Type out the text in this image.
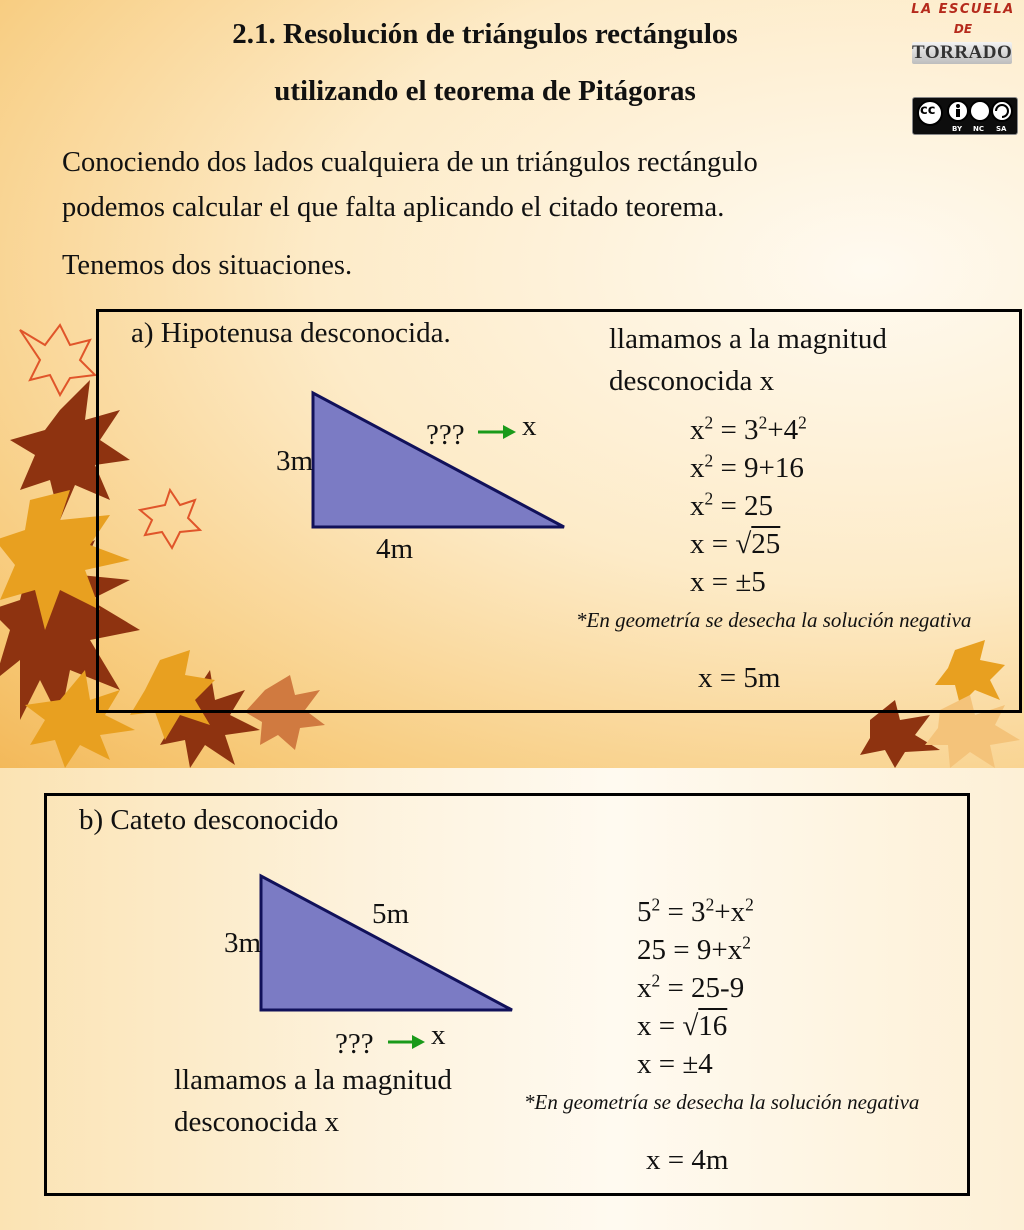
2.1. Resolución de triángulos rectángulos
utilizando el teorema de Pitágoras
LA ESCUELA
DE
TORRADO
cc
BY NC SA
Conociendo dos lados cualquiera de un triángulos rectángulo
podemos calcular el que falta aplicando el citado teorema.
Tenemos dos situaciones.
a) Hipotenusa desconocida.
3m
4m
??? x
llamamos a la magnitud
desconocida x
$x^2 = 3^2+4^2$
$x^2 = 9+16$
$x^2 = 25$
x = √25
x = ±5
*En geometría se desecha la solución negativa
x = 5m
b) Cateto desconocido
3m
5m
??? x
llamamos a la magnitud
desconocida x
$5^2 = 3^2+x^2$
$25 = 9+x^2$
$x^2 = 25-9$
x = √16
x = ±4
*En geometría se desecha la solución negativa
x = 4m
